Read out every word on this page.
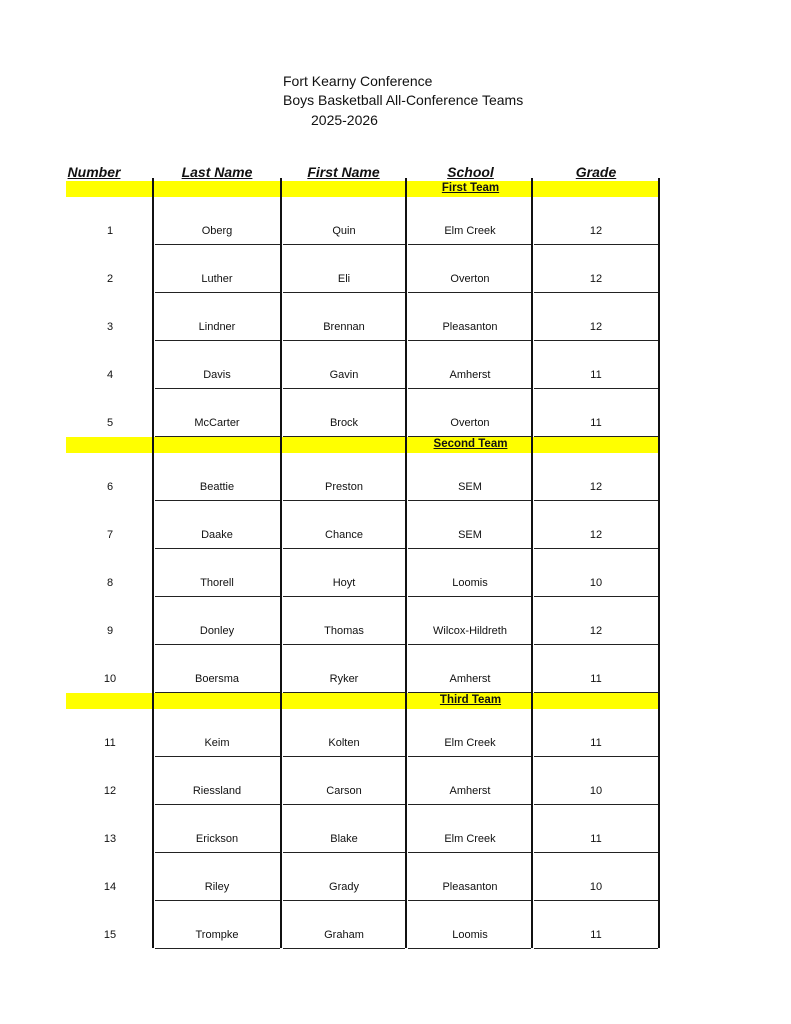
Fort Kearny Conference
Boys Basketball All-Conference Teams
2025-2026
Number	Last Name	First Name	School	Grade
First Team
1	Oberg	Quin	Elm Creek	12
2	Luther	Eli	Overton	12
3	Lindner	Brennan	Pleasanton	12
4	Davis	Gavin	Amherst	11
5	McCarter	Brock	Overton	11
Second Team
6	Beattie	Preston	SEM	12
7	Daake	Chance	SEM	12
8	Thorell	Hoyt	Loomis	10
9	Donley	Thomas	Wilcox-Hildreth	12
10	Boersma	Ryker	Amherst	11
Third Team
11	Keim	Kolten	Elm Creek	11
12	Riessland	Carson	Amherst	10
13	Erickson	Blake	Elm Creek	11
14	Riley	Grady	Pleasanton	10
15	Trompke	Graham	Loomis	11
